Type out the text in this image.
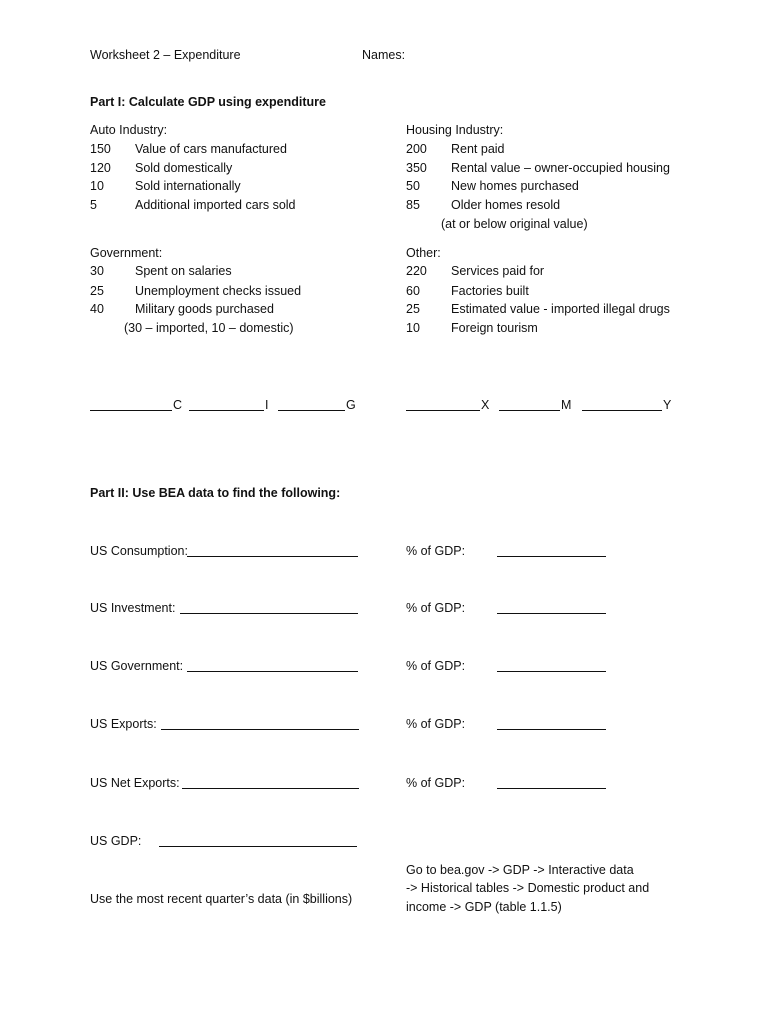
Worksheet 2 – Expenditure	Names:
Part I: Calculate GDP using expenditure
Auto Industry:
150 Value of cars manufactured
120 Sold domestically
10 Sold internationally
5	Additional imported cars sold
Housing Industry:
200 Rent paid
350 Rental value – owner-occupied housing
50 New homes purchased
85 Older homes resold
(at or below original value)
Government:
30 Spent on salaries
25 Unemployment checks issued
40 Military goods purchased
(30 – imported, 10 – domestic)
Other:
220 Services paid for
60 Factories built
25 Estimated value - imported illegal drugs
10 Foreign tourism
C	I	G	X	M	Y
Part II: Use BEA data to find the following:
US Consumption:	% of GDP:
US Investment:	% of GDP:
US Government:	% of GDP:
US Exports:	% of GDP:
US Net Exports:	% of GDP:
US GDP:
Go to bea.gov -> GDP -> Interactive data
-> Historical tables -> Domestic product and
income -> GDP (table 1.1.5)
Use the most recent quarter’s data (in $billions)
